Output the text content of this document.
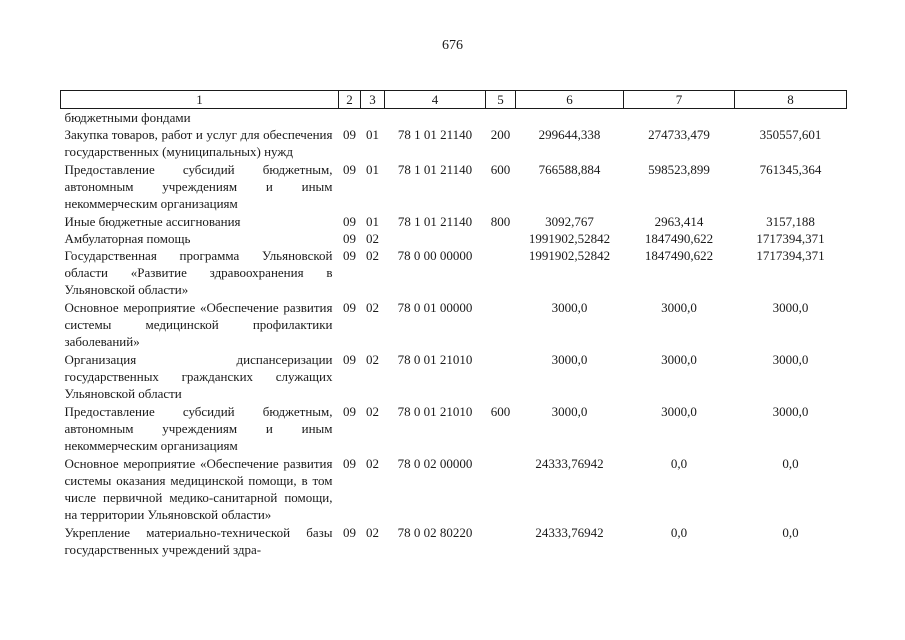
676
1	2	3	4	5	6	7	8
бюджетными фондами							
Закупка товаров, работ и услуг для обеспечения государственных (муниципальных) нужд	09	01	78 1 01 21140	200	299644,338	274733,479	350557,601
Предоставление субсидий бюджетным, автономным учреждениям и иным некоммерческим организациям	09	01	78 1 01 21140	600	766588,884	598523,899	761345,364
Иные бюджетные ассигнования	09	01	78 1 01 21140	800	3092,767	2963,414	3157,188
Амбулаторная помощь	09	02			1991902,52842	1847490,622	1717394,371
Государственная программа Ульяновской области «Развитие здравоохранения в Ульяновской области»	09	02	78 0 00 00000		1991902,52842	1847490,622	1717394,371
Основное мероприятие «Обеспечение развития системы медицинской профилактики заболеваний»	09	02	78 0 01 00000		3000,0	3000,0	3000,0
Организация диспансеризации государственных гражданских служащих Ульяновской области	09	02	78 0 01 21010		3000,0	3000,0	3000,0
Предоставление субсидий бюджетным, автономным учреждениям и иным некоммерческим организациям	09	02	78 0 01 21010	600	3000,0	3000,0	3000,0
Основное мероприятие «Обеспечение развития системы оказания медицинской помощи, в том числе первичной медико-санитарной помощи, на территории Ульяновской области»	09	02	78 0 02 00000		24333,76942	0,0	0,0
Укрепление материально-технической базы государственных учреждений здра-	09	02	78 0 02 80220		24333,76942	0,0	0,0
